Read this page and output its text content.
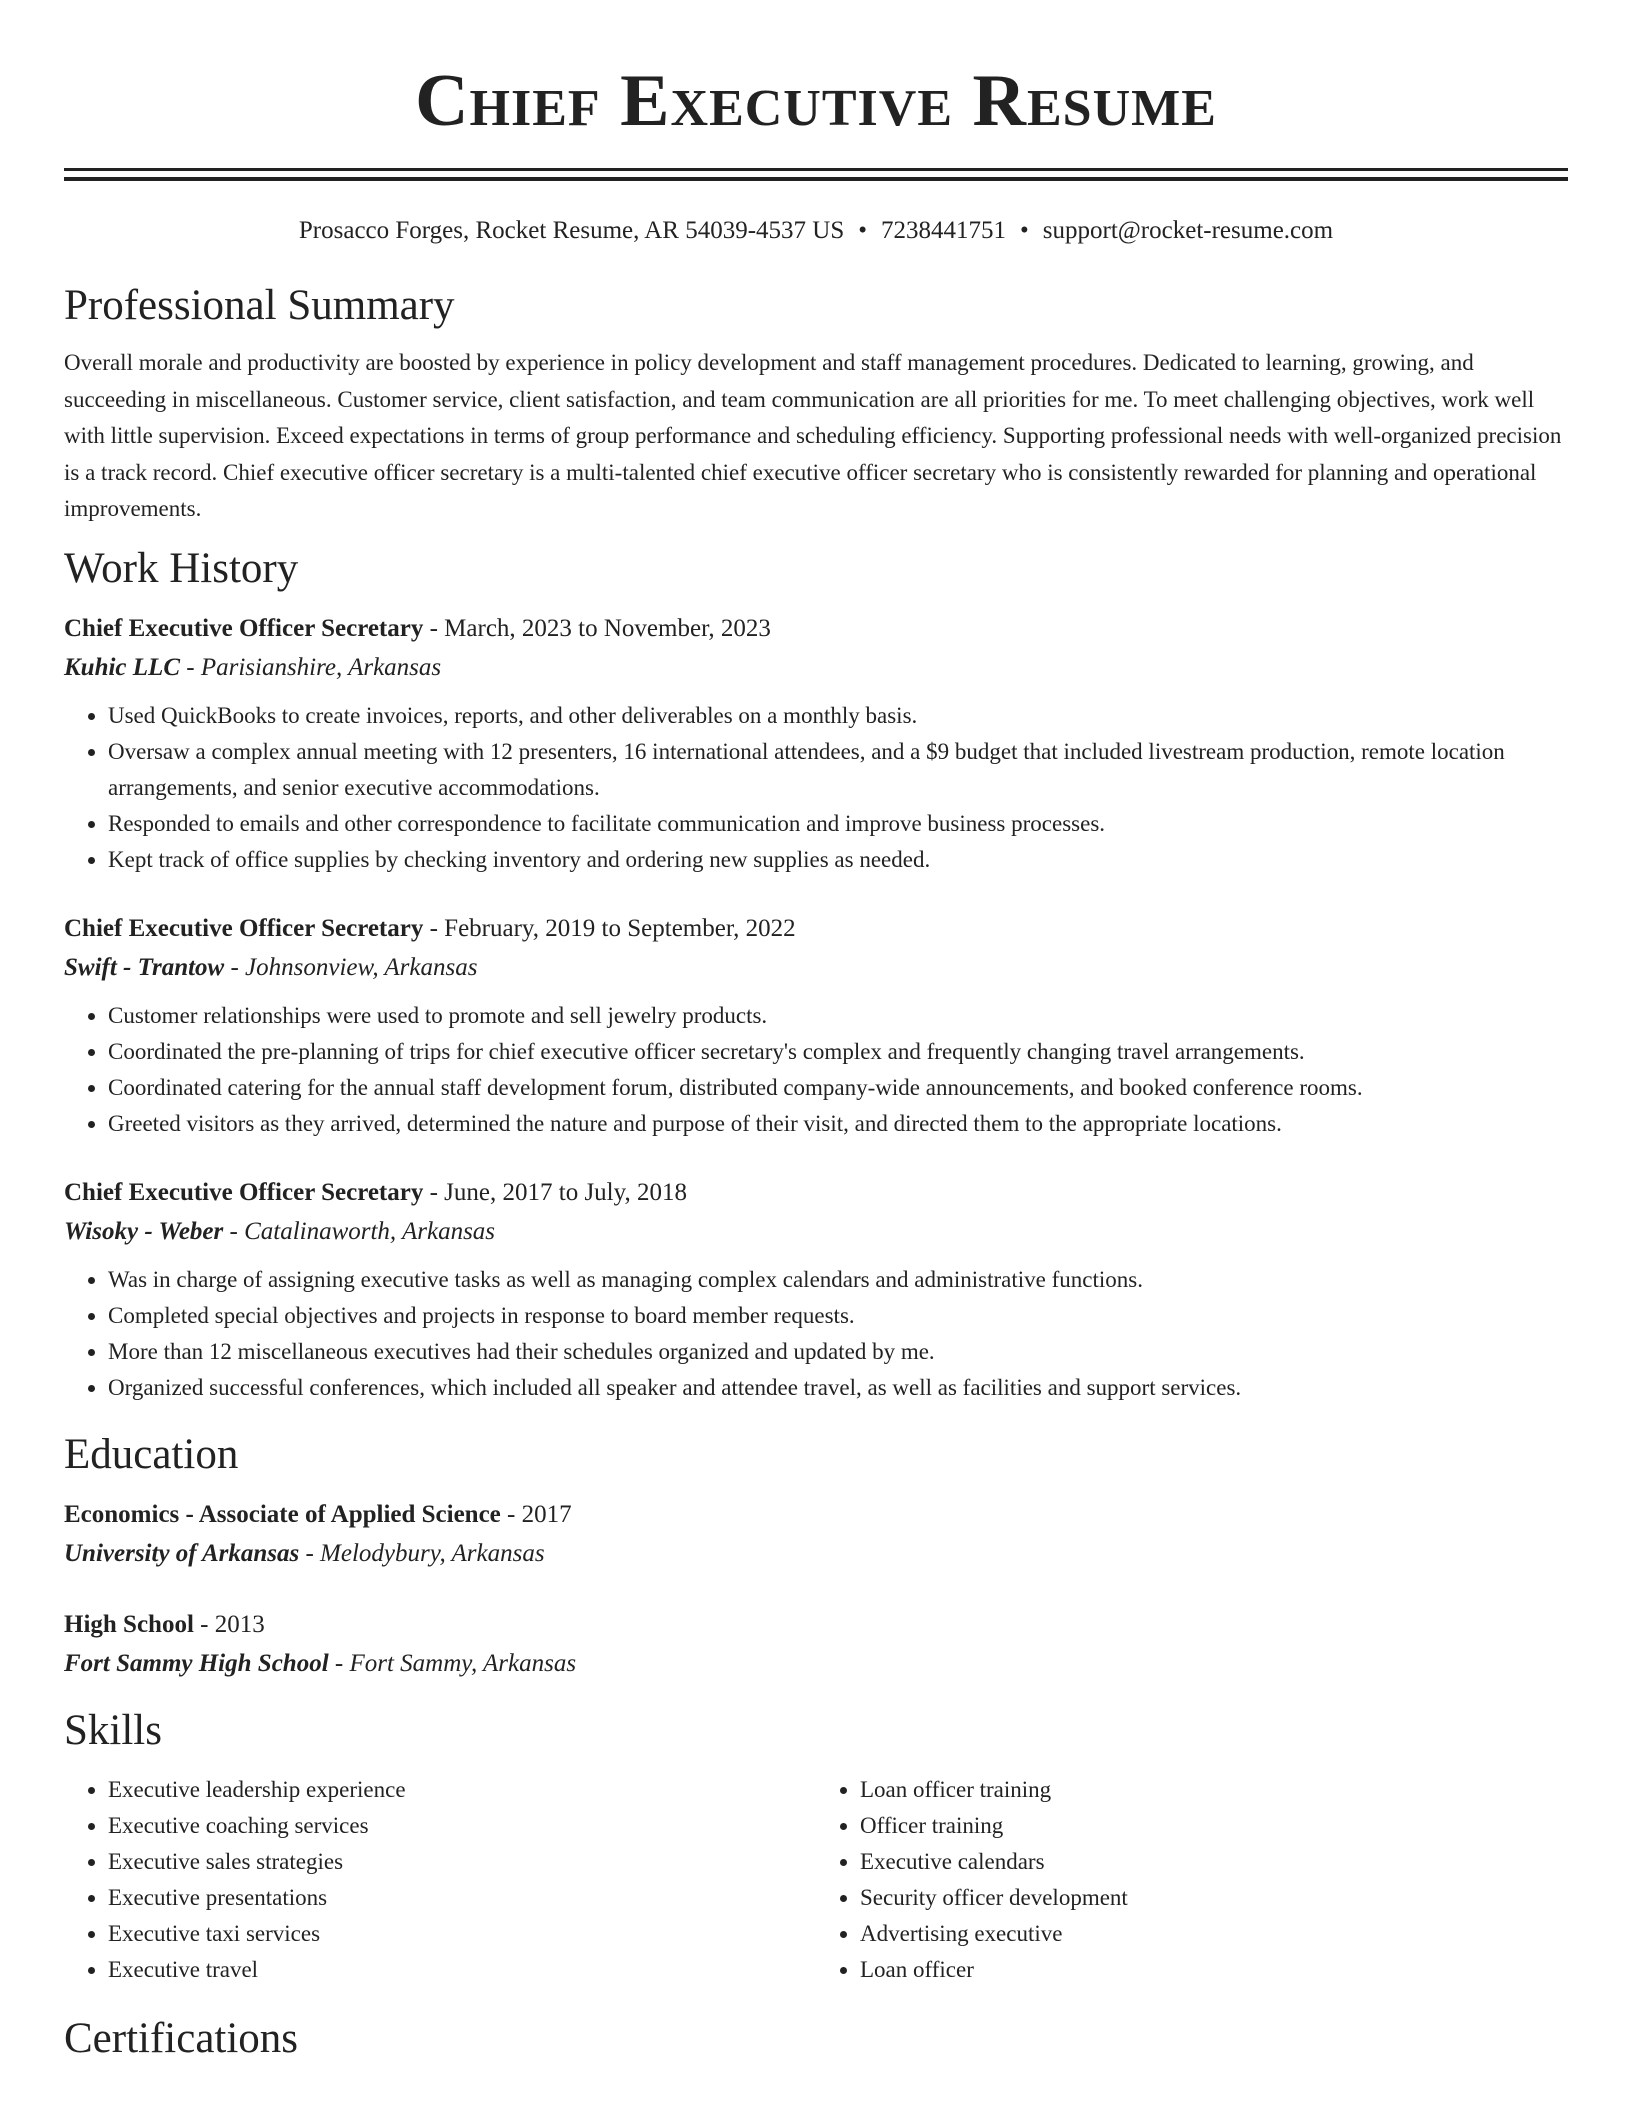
Chief Executive Resume
Prosacco Forges, Rocket Resume, AR 54039-4537 US • 7238441751 • support@rocket-resume.com
Professional Summary

Overall morale and productivity are boosted by experience in policy development and staff management procedures. Dedicated to learning, growing, and succeeding in miscellaneous. Customer service, client satisfaction, and team communication are all priorities for me. To meet challenging objectives, work well with little supervision. Exceed expectations in terms of group performance and scheduling efficiency. Supporting professional needs with well-organized precision is a track record. Chief executive officer secretary is a multi-talented chief executive officer secretary who is consistently rewarded for planning and operational improvements.

Work History
Chief Executive Officer Secretary - March, 2023 to November, 2023
Kuhic LLC - Parisianshire, Arkansas
• Used QuickBooks to create invoices, reports, and other deliverables on a monthly basis.
• Oversaw a complex annual meeting with 12 presenters, 16 international attendees, and a $9 budget that included livestream production, remote location arrangements, and senior executive accommodations.
• Responded to emails and other correspondence to facilitate communication and improve business processes.
• Kept track of office supplies by checking inventory and ordering new supplies as needed.
Chief Executive Officer Secretary - February, 2019 to September, 2022
Swift - Trantow - Johnsonview, Arkansas
• Customer relationships were used to promote and sell jewelry products.
• Coordinated the pre-planning of trips for chief executive officer secretary's complex and frequently changing travel arrangements.
• Coordinated catering for the annual staff development forum, distributed company-wide announcements, and booked conference rooms.
• Greeted visitors as they arrived, determined the nature and purpose of their visit, and directed them to the appropriate locations.
Chief Executive Officer Secretary - June, 2017 to July, 2018
Wisoky - Weber - Catalinaworth, Arkansas
• Was in charge of assigning executive tasks as well as managing complex calendars and administrative functions.
• Completed special objectives and projects in response to board member requests.
• More than 12 miscellaneous executives had their schedules organized and updated by me.
• Organized successful conferences, which included all speaker and attendee travel, as well as facilities and support services.
Education
Economics - Associate of Applied Science - 2017
University of Arkansas - Melodybury, Arkansas
High School - 2013
Fort Sammy High School - Fort Sammy, Arkansas
Skills
• Executive leadership experience
• Executive coaching services
• Executive sales strategies
• Executive presentations
• Executive taxi services
• Executive travel
• Loan officer training
• Officer training
• Executive calendars
• Security officer development
• Advertising executive
• Loan officer
Certifications
